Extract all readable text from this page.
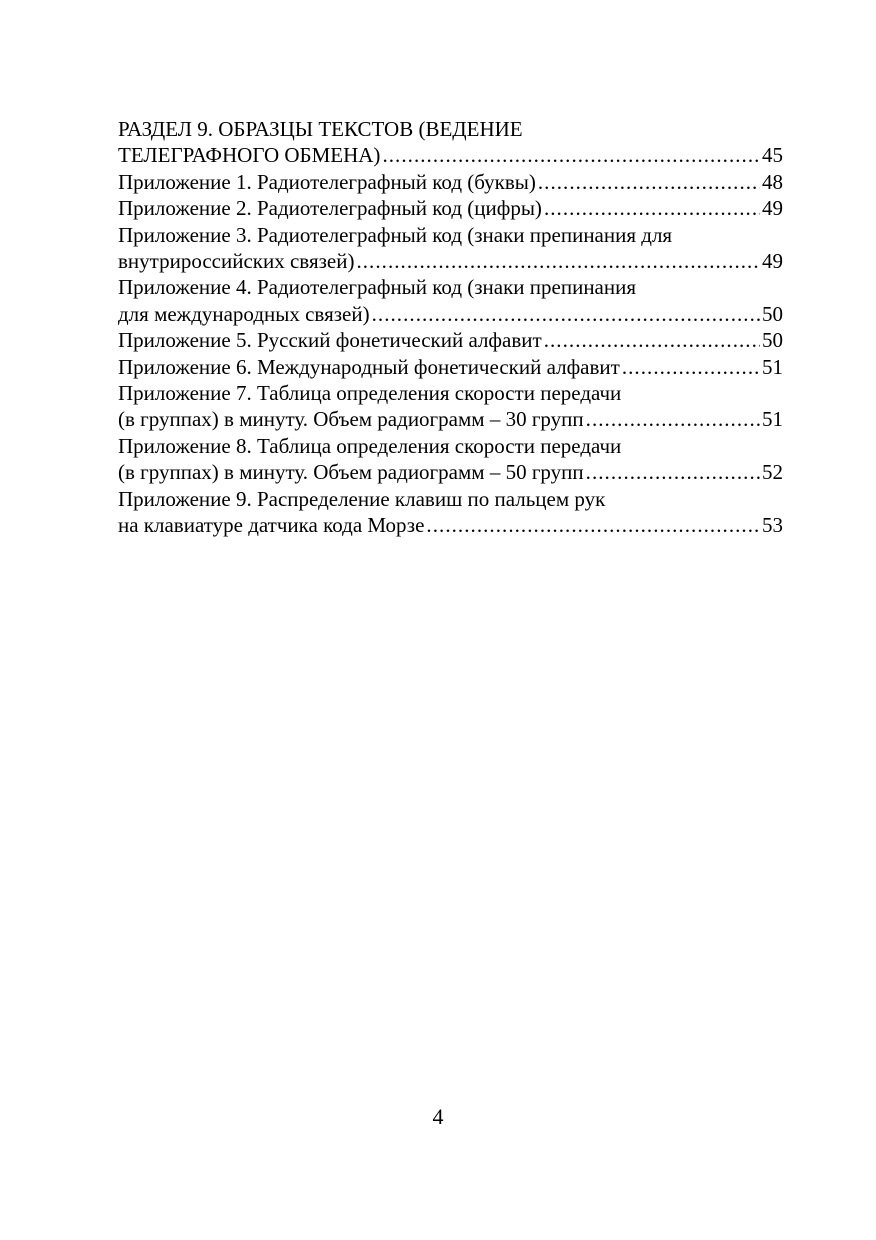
РАЗДЕЛ 9. ОБРАЗЦЫ ТЕКСТОВ (ВЕДЕНИЕ
ТЕЛЕГРАФНОГО ОБМЕНА) . . .	45
Приложение 1. Радиотелеграфный код (буквы) . . .	48
Приложение 2. Радиотелеграфный код (цифры) . . .	49
Приложение 3. Радиотелеграфный код (знаки препинания для
внутрироссийских связей) . . .	49
Приложение 4. Радиотелеграфный код (знаки препинания
для международных связей) . . .	50
Приложение 5. Русский фонетический алфавит . . .	50
Приложение 6. Международный фонетический алфавит . . .	51
Приложение 7. Таблица определения скорости передачи
(в группах) в минуту. Объем радиограмм – 30 групп . . .	51
Приложение 8. Таблица определения скорости передачи
(в группах) в минуту. Объем радиограмм – 50 групп . . .	52
Приложение 9. Распределение клавиш по пальцем рук
на клавиатуре датчика кода Морзе . . .	53
4
